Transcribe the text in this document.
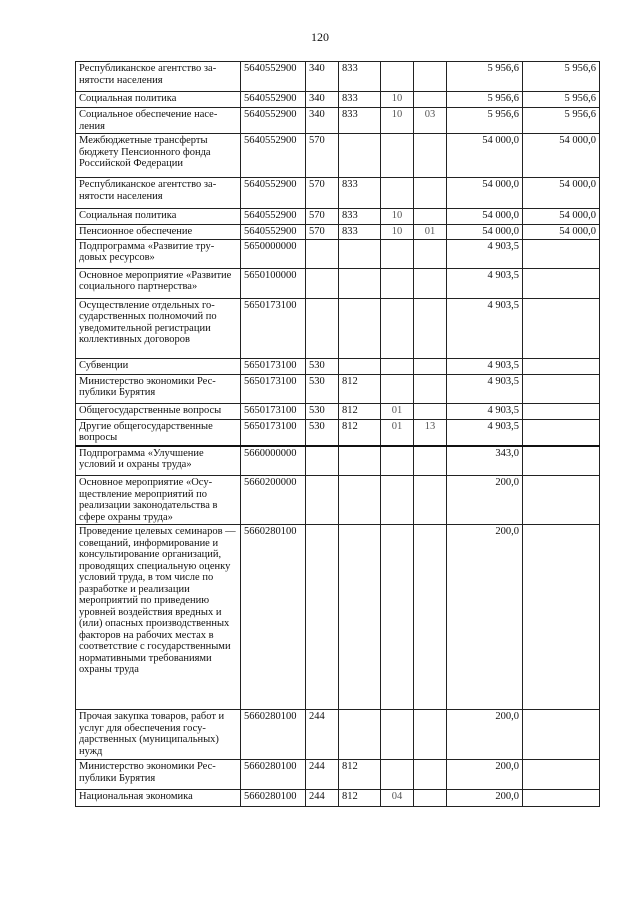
120
Республиканское агентство занятости населения	5640552900	340	833			5 956,6	5 956,6
Социальная политика	5640552900	340	833	10		5 956,6	5 956,6
Социальное обеспечение населения	5640552900	340	833	10	03	5 956,6	5 956,6
Межбюджетные трансферты бюджету Пенсионного фонда Российской Федерации	5640552900	570				54 000,0	54 000,0
Республиканское агентство занятости населения	5640552900	570	833			54 000,0	54 000,0
Социальная политика	5640552900	570	833	10		54 000,0	54 000,0
Пенсионное обеспечение	5640552900	570	833	10	01	54 000,0	54 000,0
Подпрограмма «Развитие трудовых ресурсов»	5650000000					4 903,5	
Основное мероприятие «Развитие социального партнерства»	5650100000					4 903,5	
Осуществление отдельных государственных полномочий по уведомительной регистрации коллективных договоров	5650173100					4 903,5	
Субвенции	5650173100	530				4 903,5	
Министерство экономики Республики Бурятия	5650173100	530	812			4 903,5	
Общегосударственные вопросы	5650173100	530	812	01		4 903,5	
Другие общегосударственные вопросы	5650173100	530	812	01	13	4 903,5	
Подпрограмма «Улучшение условий и охраны труда»	5660000000					343,0	
Основное мероприятие «Осуществление мероприятий по реализации законодательства в сфере охраны труда»	5660200000					200,0	
Проведение целевых семинаров — совещаний, информирование и консультирование организаций, проводящих специальную оценку условий труда, в том числе по разработке и реализации мероприятий по приведению уровней воздействия вредных и (или) опасных производственных факторов на рабочих местах в соответствие с государственными нормативными требованиями охраны труда	5660280100					200,0	
Прочая закупка товаров, работ и услуг для обеспечения государственных (муниципальных) нужд	5660280100	244				200,0	
Министерство экономики Республики Бурятия	5660280100	244	812			200,0	
Национальная экономика	5660280100	244	812	04		200,0	
